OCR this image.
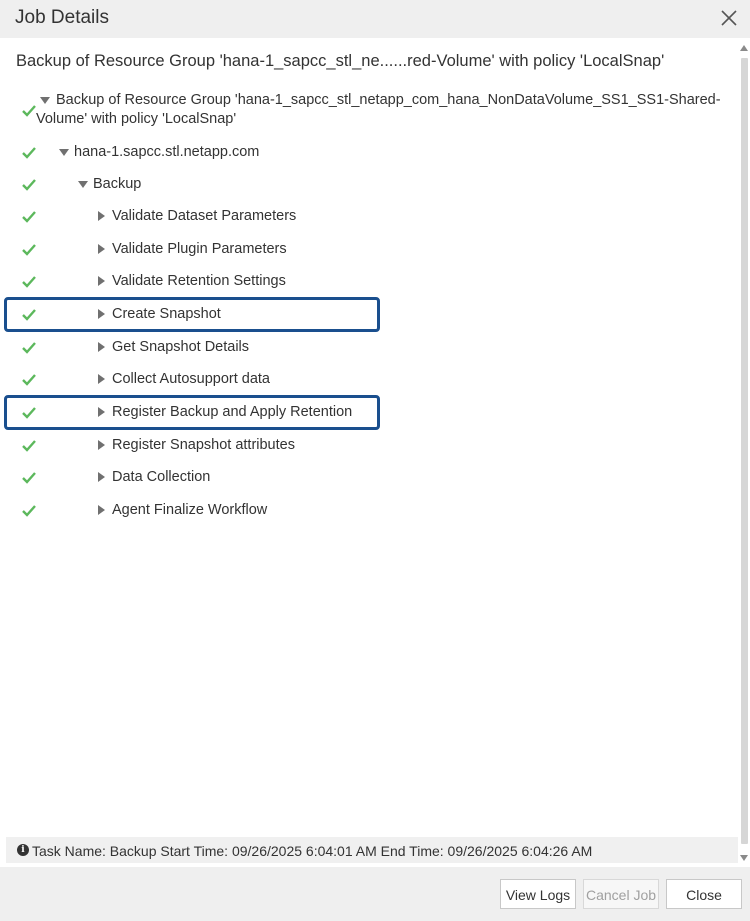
Job Details
Backup of Resource Group 'hana-1_sapcc_stl_ne......red-Volume' with policy 'LocalSnap'
Backup of Resource Group 'hana-1_sapcc_stl_netapp_com_hana_NonDataVolume_SS1_SS1-Shared-
Volume' with policy 'LocalSnap'
hana-1.sapcc.stl.netapp.com
Backup
Validate Dataset Parameters
Validate Plugin Parameters
Validate Retention Settings
Create Snapshot
Get Snapshot Details
Collect Autosupport data
Register Backup and Apply Retention
Register Snapshot attributes
Data Collection
Agent Finalize Workflow
i Task Name: Backup Start Time: 09/26/2025 6:04:01 AM End Time: 09/26/2025 6:04:26 AM
View Logs	Cancel Job	Close
